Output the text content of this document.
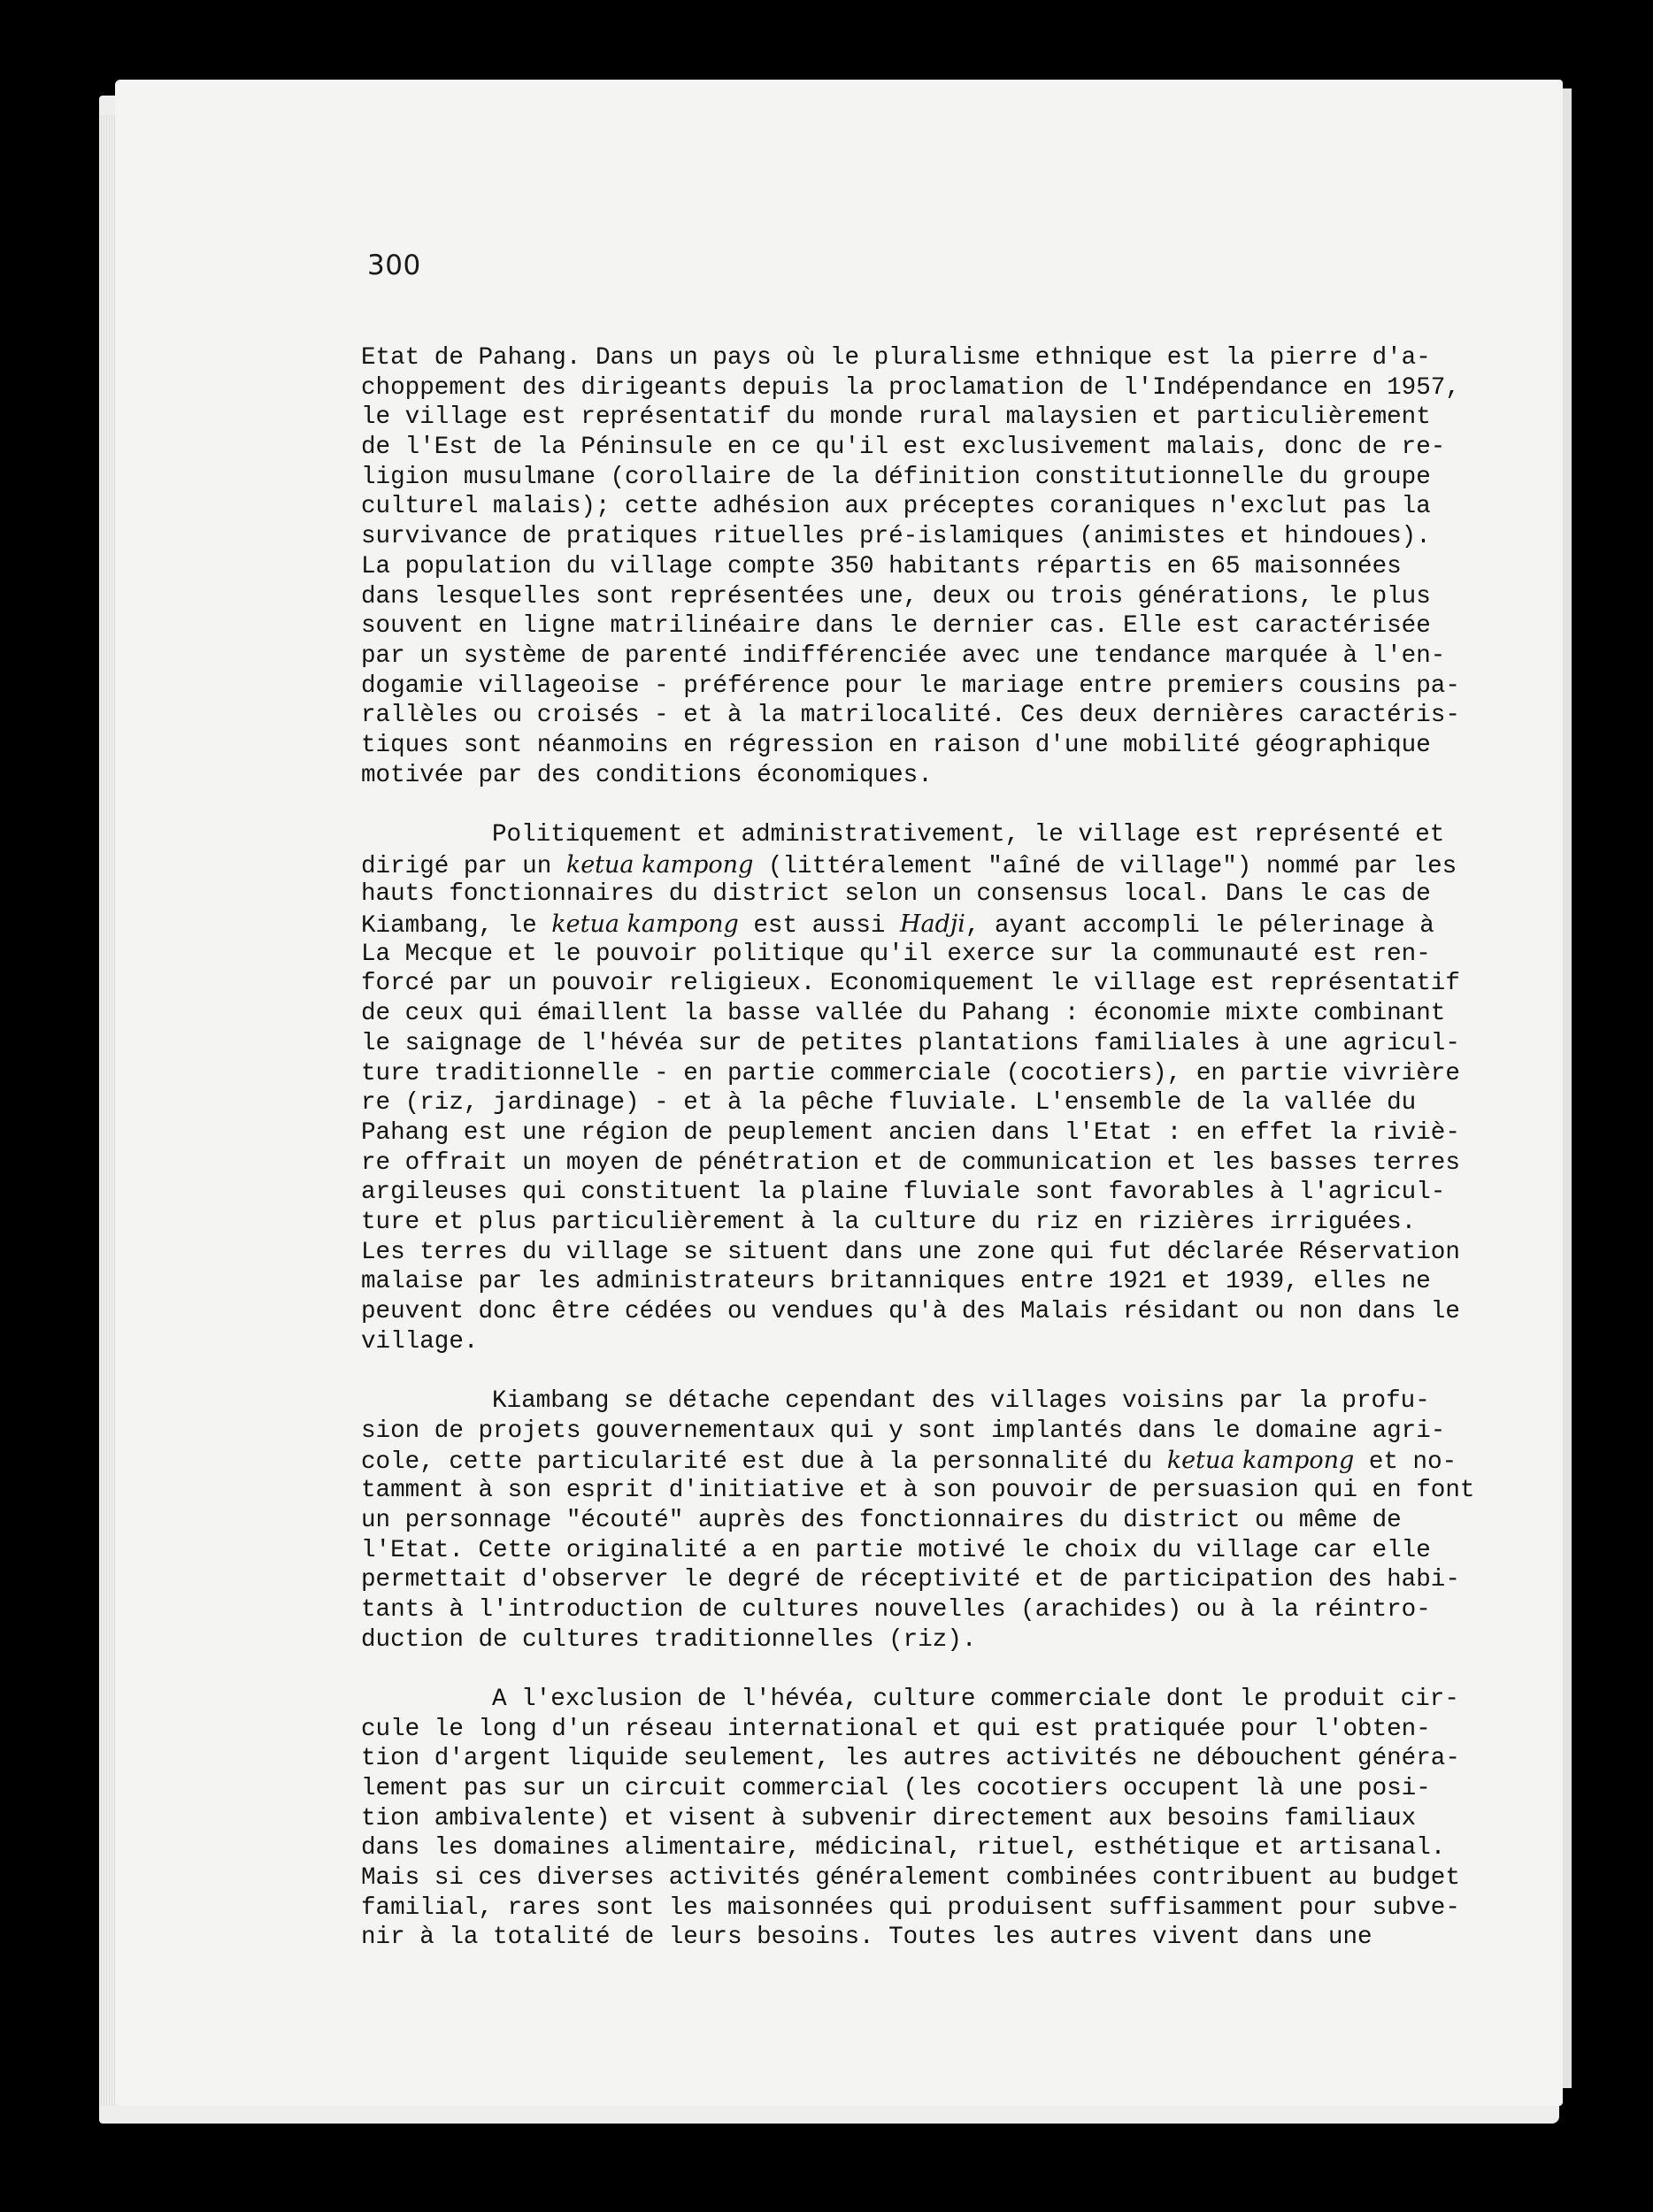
300
Etat de Pahang. Dans un pays où le pluralisme ethnique est la pierre d'a-
choppement des dirigeants depuis la proclamation de l'Indépendance en 1957,
le village est représentatif du monde rural malaysien et particulièrement
de l'Est de la Péninsule en ce qu'il est exclusivement malais, donc de re-
ligion musulmane (corollaire de la définition constitutionnelle du groupe
culturel malais); cette adhésion aux préceptes coraniques n'exclut pas la
survivance de pratiques rituelles pré-islamiques (animistes et hindoues).
La population du village compte 350 habitants répartis en 65 maisonnées
dans lesquelles sont représentées une, deux ou trois générations, le plus
souvent en ligne matrilinéaire dans le dernier cas. Elle est caractérisée
par un système de parenté indifférenciée avec une tendance marquée à l'en-
dogamie villageoise - préférence pour le mariage entre premiers cousins pa-
rallèles ou croisés - et à la matrilocalité. Ces deux dernières caractéris-
tiques sont néanmoins en régression en raison d'une mobilité géographique
motivée par des conditions économiques.
Politiquement et administrativement, le village est représenté et
dirigé par un ketua kampong (littéralement "aîné de village") nommé par les
hauts fonctionnaires du district selon un consensus local. Dans le cas de
Kiambang, le ketua kampong est aussi Hadji, ayant accompli le pélerinage à
La Mecque et le pouvoir politique qu'il exerce sur la communauté est ren-
forcé par un pouvoir religieux. Economiquement le village est représentatif
de ceux qui émaillent la basse vallée du Pahang : économie mixte combinant
le saignage de l'hévéa sur de petites plantations familiales à une agricul-
ture traditionnelle - en partie commerciale (cocotiers), en partie vivrière
re (riz, jardinage) - et à la pêche fluviale. L'ensemble de la vallée du
Pahang est une région de peuplement ancien dans l'Etat : en effet la riviè-
re offrait un moyen de pénétration et de communication et les basses terres
argileuses qui constituent la plaine fluviale sont favorables à l'agricul-
ture et plus particulièrement à la culture du riz en rizières irriguées.
Les terres du village se situent dans une zone qui fut déclarée Réservation
malaise par les administrateurs britanniques entre 1921 et 1939, elles ne
peuvent donc être cédées ou vendues qu'à des Malais résidant ou non dans le
village.
Kiambang se détache cependant des villages voisins par la profu-
sion de projets gouvernementaux qui y sont implantés dans le domaine agri-
cole, cette particularité est due à la personnalité du ketua kampong et no-
tamment à son esprit d'initiative et à son pouvoir de persuasion qui en font
un personnage "écouté" auprès des fonctionnaires du district ou même de
l'Etat. Cette originalité a en partie motivé le choix du village car elle
permettait d'observer le degré de réceptivité et de participation des habi-
tants à l'introduction de cultures nouvelles (arachides) ou à la réintro-
duction de cultures traditionnelles (riz).
A l'exclusion de l'hévéa, culture commerciale dont le produit cir-
cule le long d'un réseau international et qui est pratiquée pour l'obten-
tion d'argent liquide seulement, les autres activités ne débouchent généra-
lement pas sur un circuit commercial (les cocotiers occupent là une posi-
tion ambivalente) et visent à subvenir directement aux besoins familiaux
dans les domaines alimentaire, médicinal, rituel, esthétique et artisanal.
Mais si ces diverses activités généralement combinées contribuent au budget
familial, rares sont les maisonnées qui produisent suffisamment pour subve-
nir à la totalité de leurs besoins. Toutes les autres vivent dans une
